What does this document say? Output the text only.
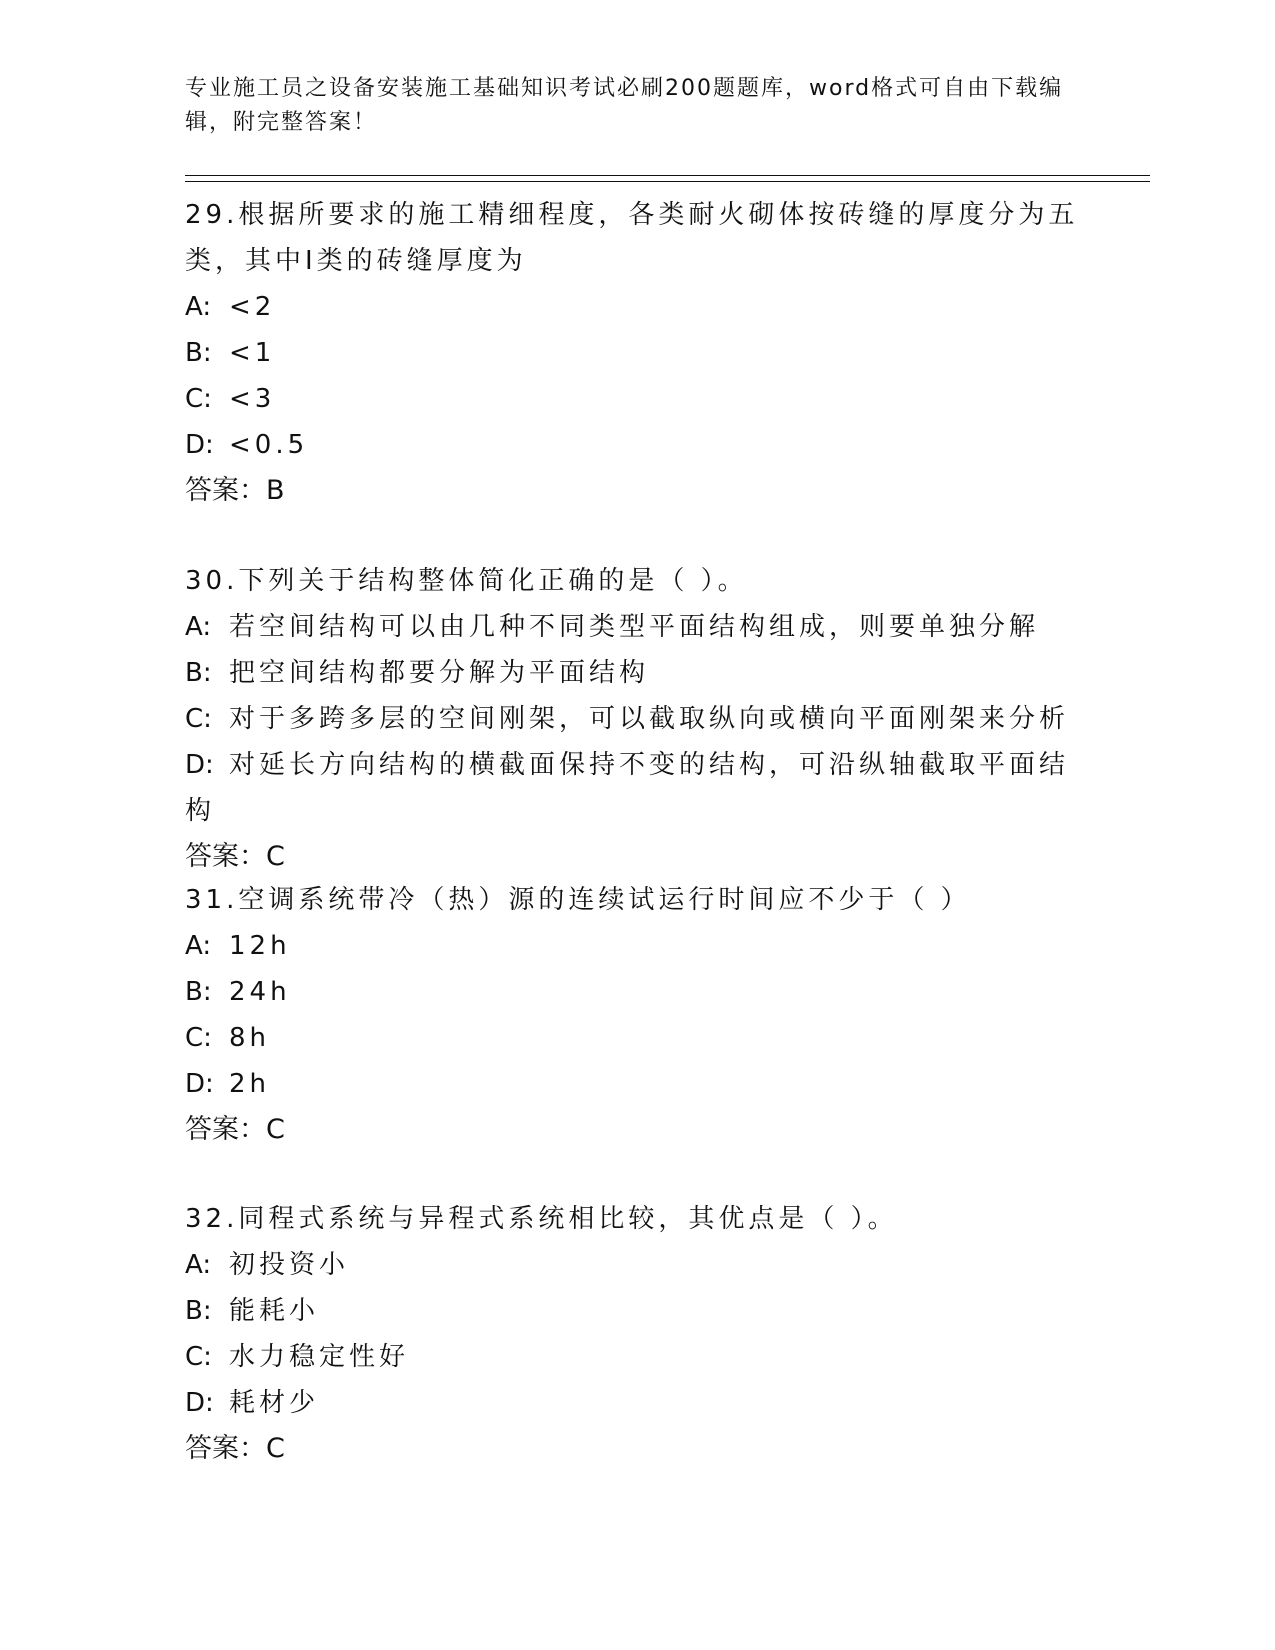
专业施工员之设备安装施工基础知识考试必刷200题题库，word格式可自由下载编辑，附完整答案！

29.根据所要求的施工精细程度，各类耐火砌体按砖缝的厚度分为五类，其中Ⅰ类的砖缝厚度为

A: <2

B: <1

C: <3

D: <0.5

答案：B

30.下列关于结构整体简化正确的是（ ）。

A: 若空间结构可以由几种不同类型平面结构组成，则要单独分解

B: 把空间结构都要分解为平面结构

C: 对于多跨多层的空间刚架，可以截取纵向或横向平面刚架来分析

D: 对延长方向结构的横截面保持不变的结构，可沿纵轴截取平面结构

答案：C

31.空调系统带冷（热）源的连续试运行时间应不少于（ ）

A: 12h

B: 24h

C: 8h

D: 2h

答案：C

32.同程式系统与异程式系统相比较，其优点是（ ）。

A: 初投资小

B: 能耗小

C: 水力稳定性好

D: 耗材少

答案：C
